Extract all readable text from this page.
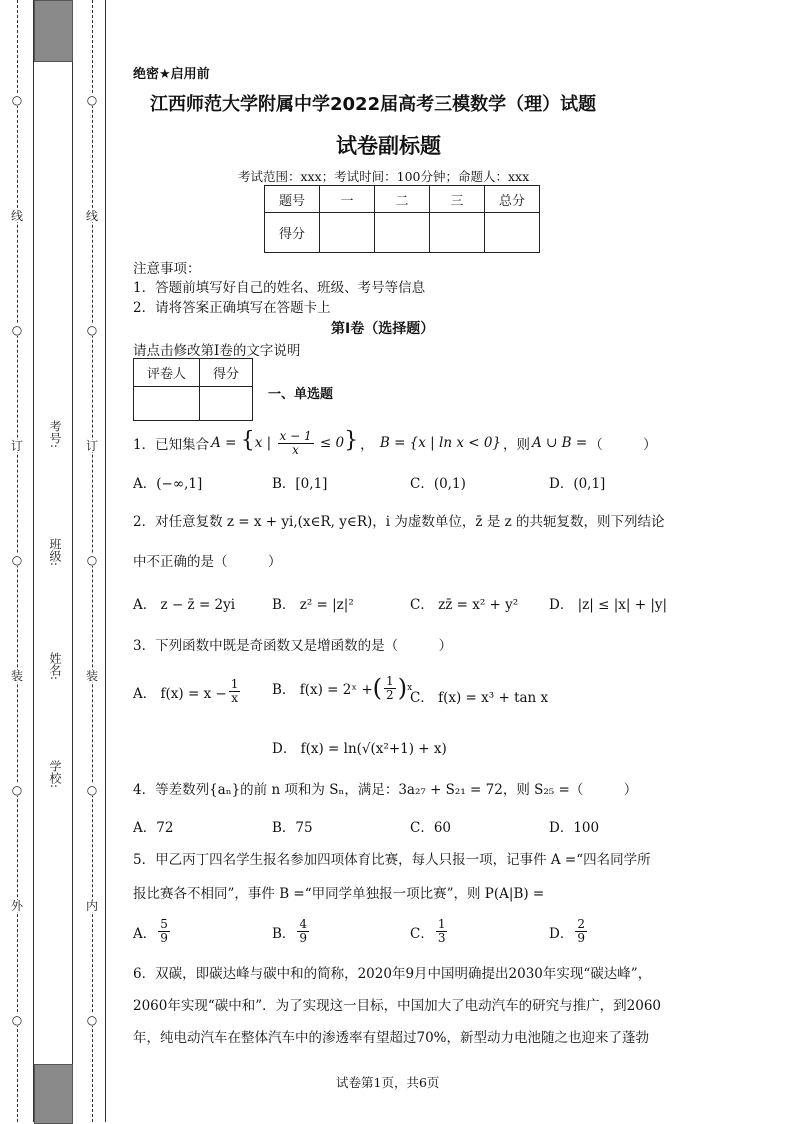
○
线
○
订
○
装
○
外
○
○
线
○
订
○
装
○
内
○
考号:
班级:
姓名:
学校:
绝密★启用前
江西师范大学附属中学2022届高考三模数学（理）试题
试卷副标题
考试范围：xxx；考试时间：100分钟；命题人：xxx
题号	一	二	三	总分
得分				
注意事项：
1．答题前填写好自己的姓名、班级、考号等信息
2．请将答案正确填写在答题卡上
第I卷（选择题）
请点击修改第I卷的文字说明
评卷人	得分

一、单选题
1．已知集合 A = {x | $\frac{x - 1}{x} \le 0$} ， B = {x | ln x < 0} ，则 A ∪ B = （　　　）
A．(−∞,1]	B．[0,1]	C．(0,1)	D．(0,1]
2．对任意复数 z = x + yi,(x∈R, y∈R)，i 为虚数单位，z̄ 是 z 的共轭复数，则下列结论
中不正确的是（　　　）
A． z − z̄ = 2yi	B． z² = |z|²	C． zz̄ = x² + y² D． |z| ≤ |x| + |y|
3．下列函数中既是奇函数又是增函数的是（　　　）
A． $f(x) = x - \frac{1}{x}$ B． f(x) = 2ˣ + ( $\frac{1}{2}$ ) x
C． f(x) = x³ + tan x
D． f(x) = ln(√(x²+1) + x)
4．等差数列{aₙ}的前 n 项和为 Sₙ，满足：3a₂₇ + S₂₁ = 72，则 S₂₅ =（　　　）
A．72	B．75	C．60	D．100
5．甲乙丙丁四名学生报名参加四项体育比赛，每人只报一项，记事件 A =“四名同学所
报比赛各不相同”，事件 B =“甲同学单独报一项比赛”，则 P(A|B) =
A． $\frac{5}{9}$	B． $\frac{4}{9}$	C． $\frac{1}{3}$	D． $\frac{2}{9}$
6．双碳，即碳达峰与碳中和的简称，2020年9月中国明确提出2030年实现“碳达峰”，
2060年实现“碳中和”．为了实现这一目标，中国加大了电动汽车的研究与推广，到2060
年，纯电动汽车在整体汽车中的渗透率有望超过70%，新型动力电池随之也迎来了蓬勃
试卷第1页，共6页
